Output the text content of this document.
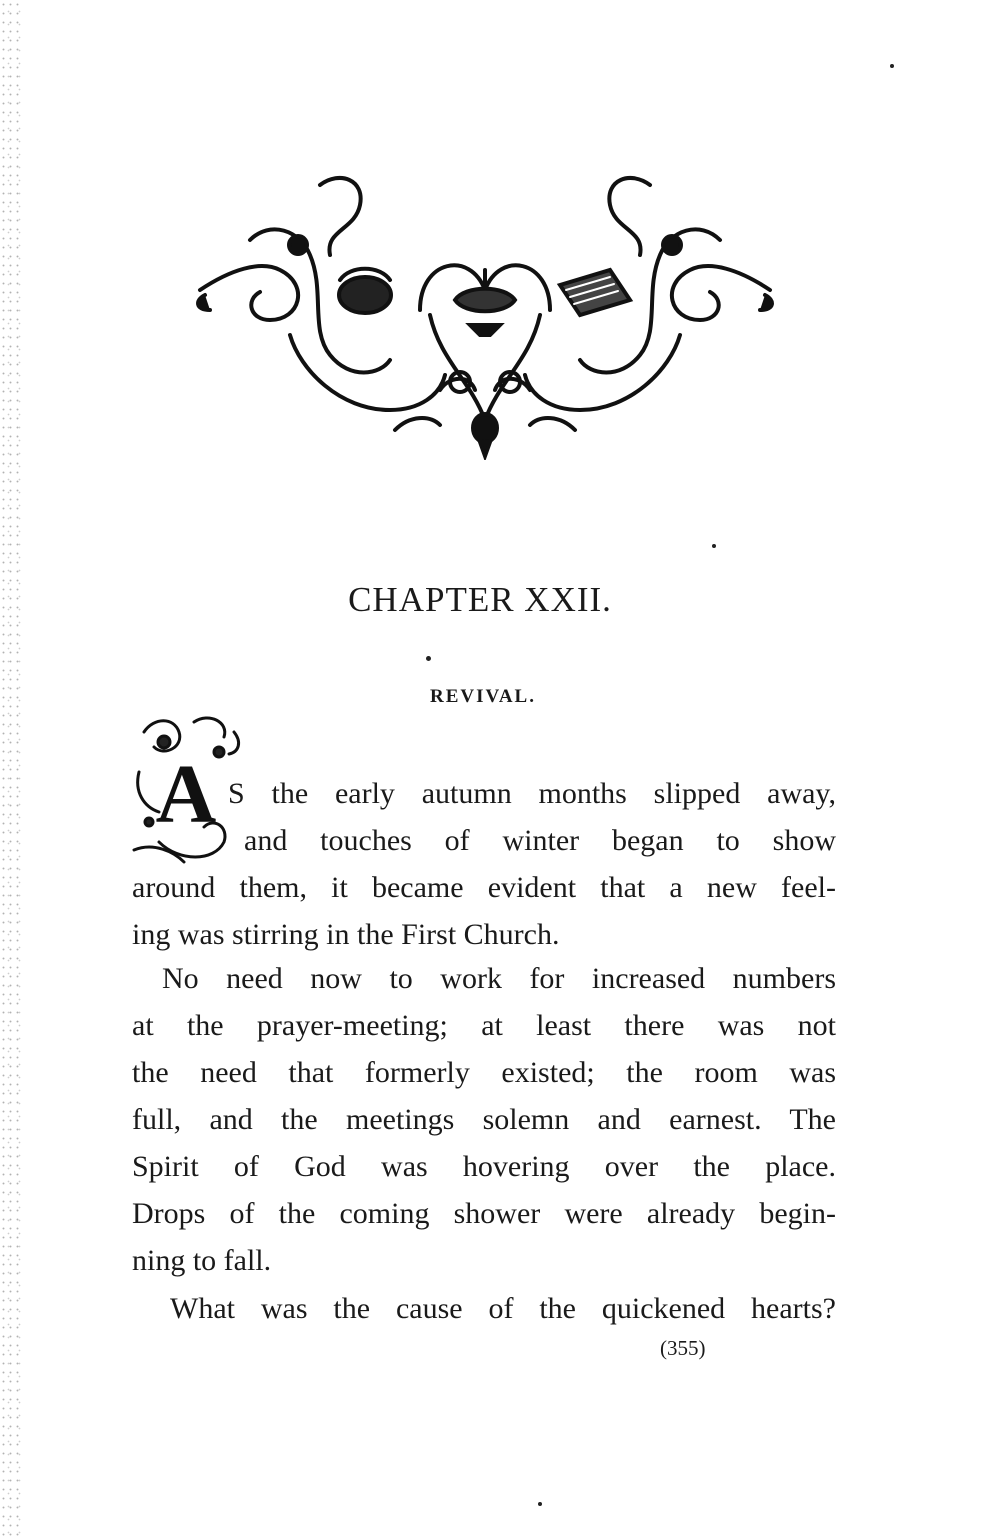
CHAPTER XXII.
REVIVAL.
A S the early autumn months slipped away,
and touches of winter began to show
around them, it became evident that a new feel-
ing was stirring in the First Church.
No need now to work for increased numbers
at the prayer-meeting; at least there was not
the need that formerly existed; the room was
full, and the meetings solemn and earnest. The
Spirit of God was hovering over the place.
Drops of the coming shower were already begin-
ning to fall.
What was the cause of the quickened hearts?

(355)
